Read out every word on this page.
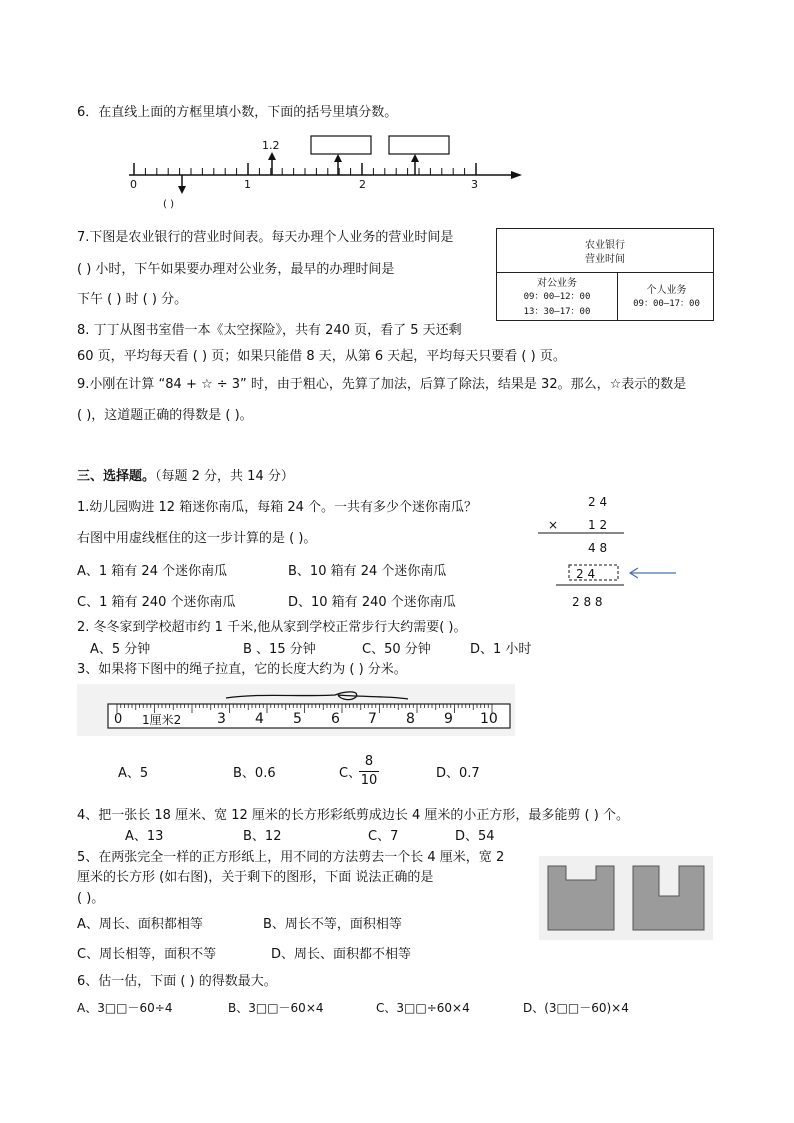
6．在直线上面的方框里填小数，下面的括号里填分数。
1.2
0	1	2	3
( )
7.下图是农业银行的营业时间表。每天办理个人业务的营业时间是
( ) 小时，下午如果要办理对公业务，最早的办理时间是
下午 ( ) 时 ( ) 分。
农业银行
营业时间
对公业务
09：00—12：00
13：30—17：00
个人业务
09：00—17：00
8. 丁丁从图书室借一本《太空探险》，共有 240 页，看了 5 天还剩
60 页，平均每天看 ( ) 页；如果只能借 8 天，从第 6 天起，平均每天只要看 ( ) 页。
9.小刚在计算 “84 + ☆ ÷ 3” 时，由于粗心，先算了加法，后算了除法，结果是 32。那么，☆表示的数是
( )，这道题正确的得数是 ( )。
三、选择题。（每题 2 分，共 14 分）
1.幼儿园购进 12 箱迷你南瓜，每箱 24 个。一共有多少个迷你南瓜？
右图中用虚线框住的这一步计算的是 ( )。
A、1 箱有 24 个迷你南瓜	B、10 箱有 24 个迷你南瓜
C、1 箱有 240 个迷你南瓜	D、10 箱有 240 个迷你南瓜
2 4
× 1 2
4 8
2 4
2 8 8
2. 冬冬家到学校超市约 1 千米,他从家到学校正常步行大约需要( )。
A、5 分钟	B 、15 分钟	C、50 分钟	D、1 小时
3、如果将下图中的绳子拉直，它的长度大约为 ( ) 分米。
0 1厘米2	3 4 5 6 7 8 9 10
A、5	B、0.6	C、
8
10	D、0.7
4、把一张长 18 厘米、宽 12 厘米的长方形彩纸剪成边长 4 厘米的小正方形，最多能剪 ( ) 个。
A、13	B、12	C、7	D、54
5、在两张完全一样的正方形纸上，用不同的方法剪去一个长 4 厘米，宽 2
厘米的长方形 (如右图)，关于剩下的图形，下面 说法正确的是
( )。
A、周长、面积都相等	B、周长不等，面积相等
C、周长相等，面积不等	D、周长、面积都不相等
6、估一估，下面 ( ) 的得数最大。
A、3□□－60÷4	B、3□□－60×4	C、3□□÷60×4	D、(3□□－60)×4
